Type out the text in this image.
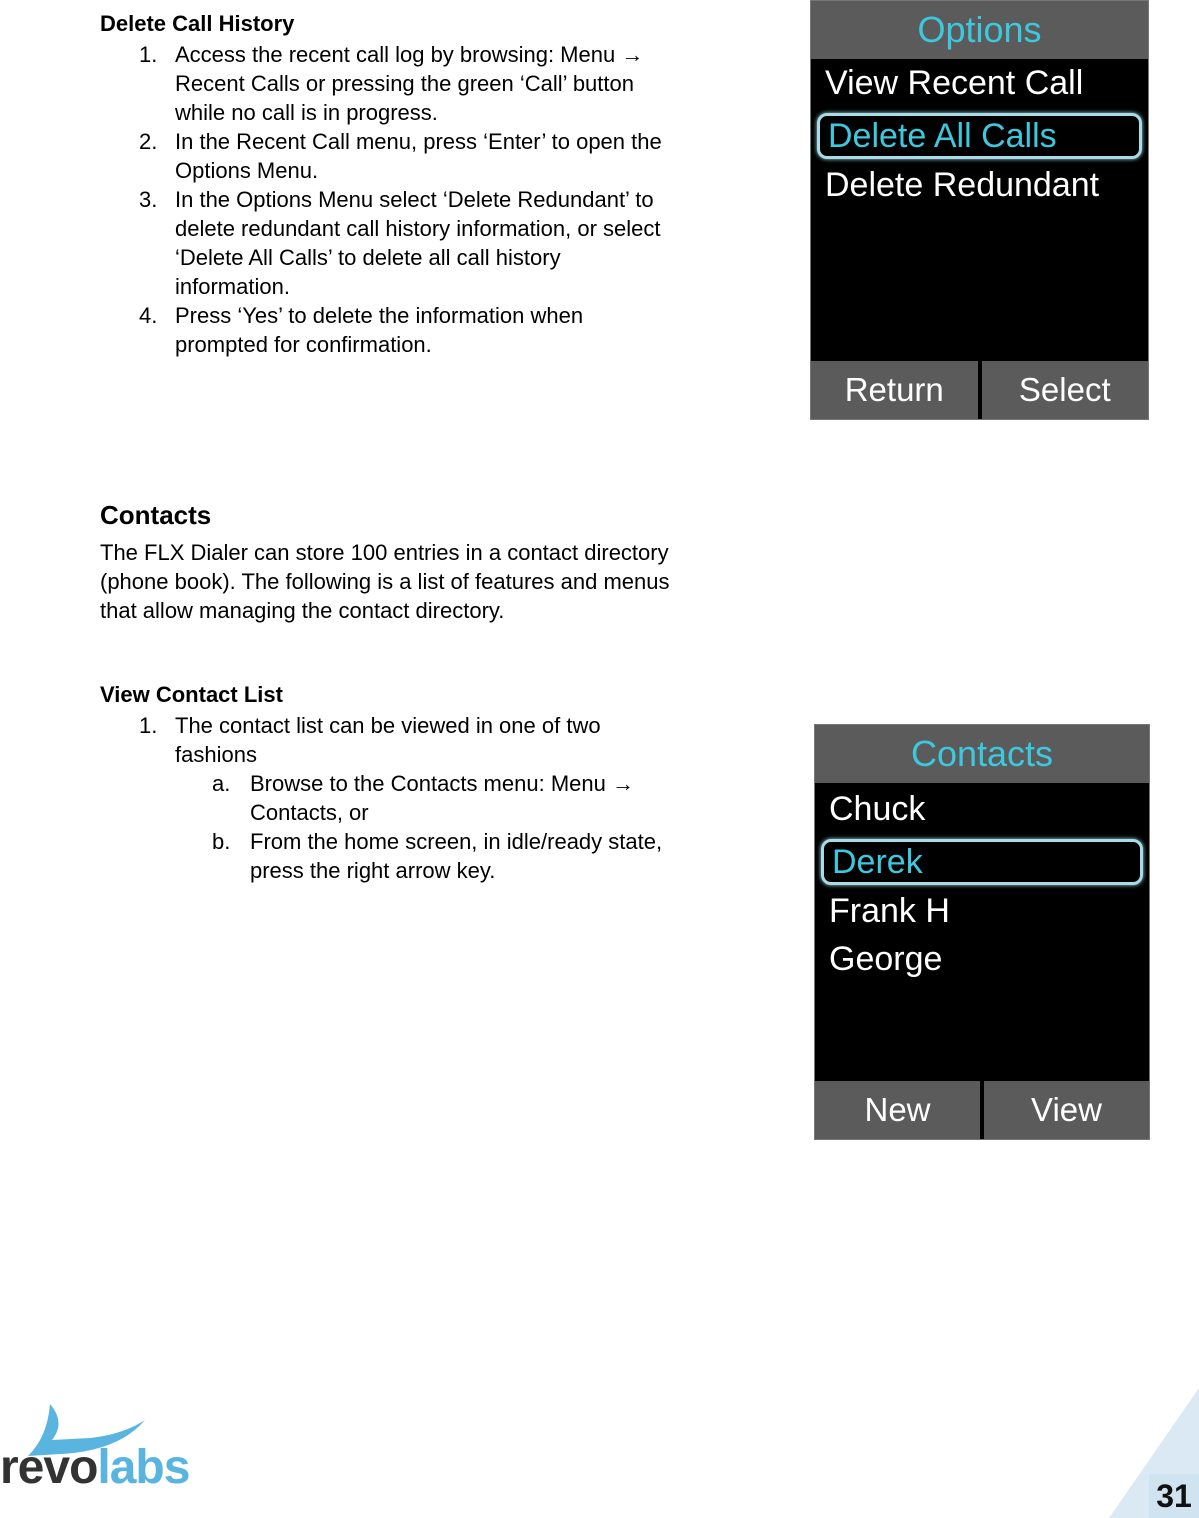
Delete Call History
1. Access the recent call log by browsing: Menu →
Recent Calls or pressing the green ‘Call’ button
while no call is in progress.
2. In the Recent Call menu, press ‘Enter’ to open the
Options Menu.
3. In the Options Menu select ‘Delete Redundant’ to
delete redundant call history information, or select
‘Delete All Calls’ to delete all call history
information.
4. Press ‘Yes’ to delete the information when
prompted for confirmation.
Options
View Recent Call
Delete All Calls
Delete Redundant
Return	Select
Contacts
The FLX Dialer can store 100 entries in a contact directory
(phone book). The following is a list of features and menus
that allow managing the contact directory.
View Contact List
1. The contact list can be viewed in one of two
fashions
a. Browse to the Contacts menu: Menu →
Contacts, or
b. From the home screen, in idle/ready state,
press the right arrow key.
Contacts
Chuck
Derek
Frank H
George
New	View
revolabs
31
